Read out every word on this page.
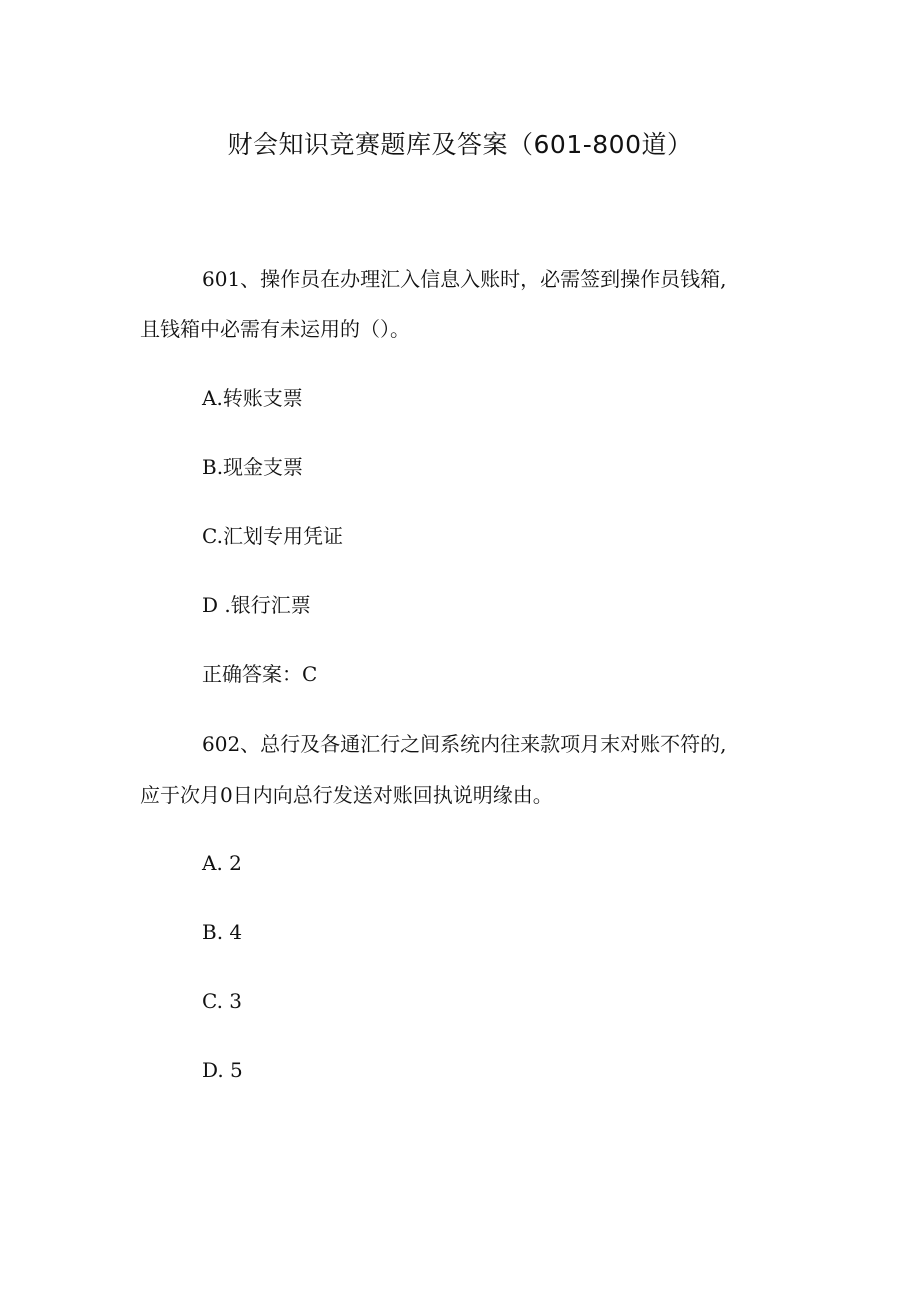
财会知识竞赛题库及答案（601-800道）
601、操作员在办理汇入信息入账时，必需签到操作员钱箱,
且钱箱中必需有未运用的（）。
A.转账支票
B.现金支票
C.汇划专用凭证
D .银行汇票
正确答案：C
602、总行及各通汇行之间系统内往来款项月末对账不符的,
应于次月0日内向总行发送对账回执说明缘由。
A. 2
B. 4
C. 3
D. 5
